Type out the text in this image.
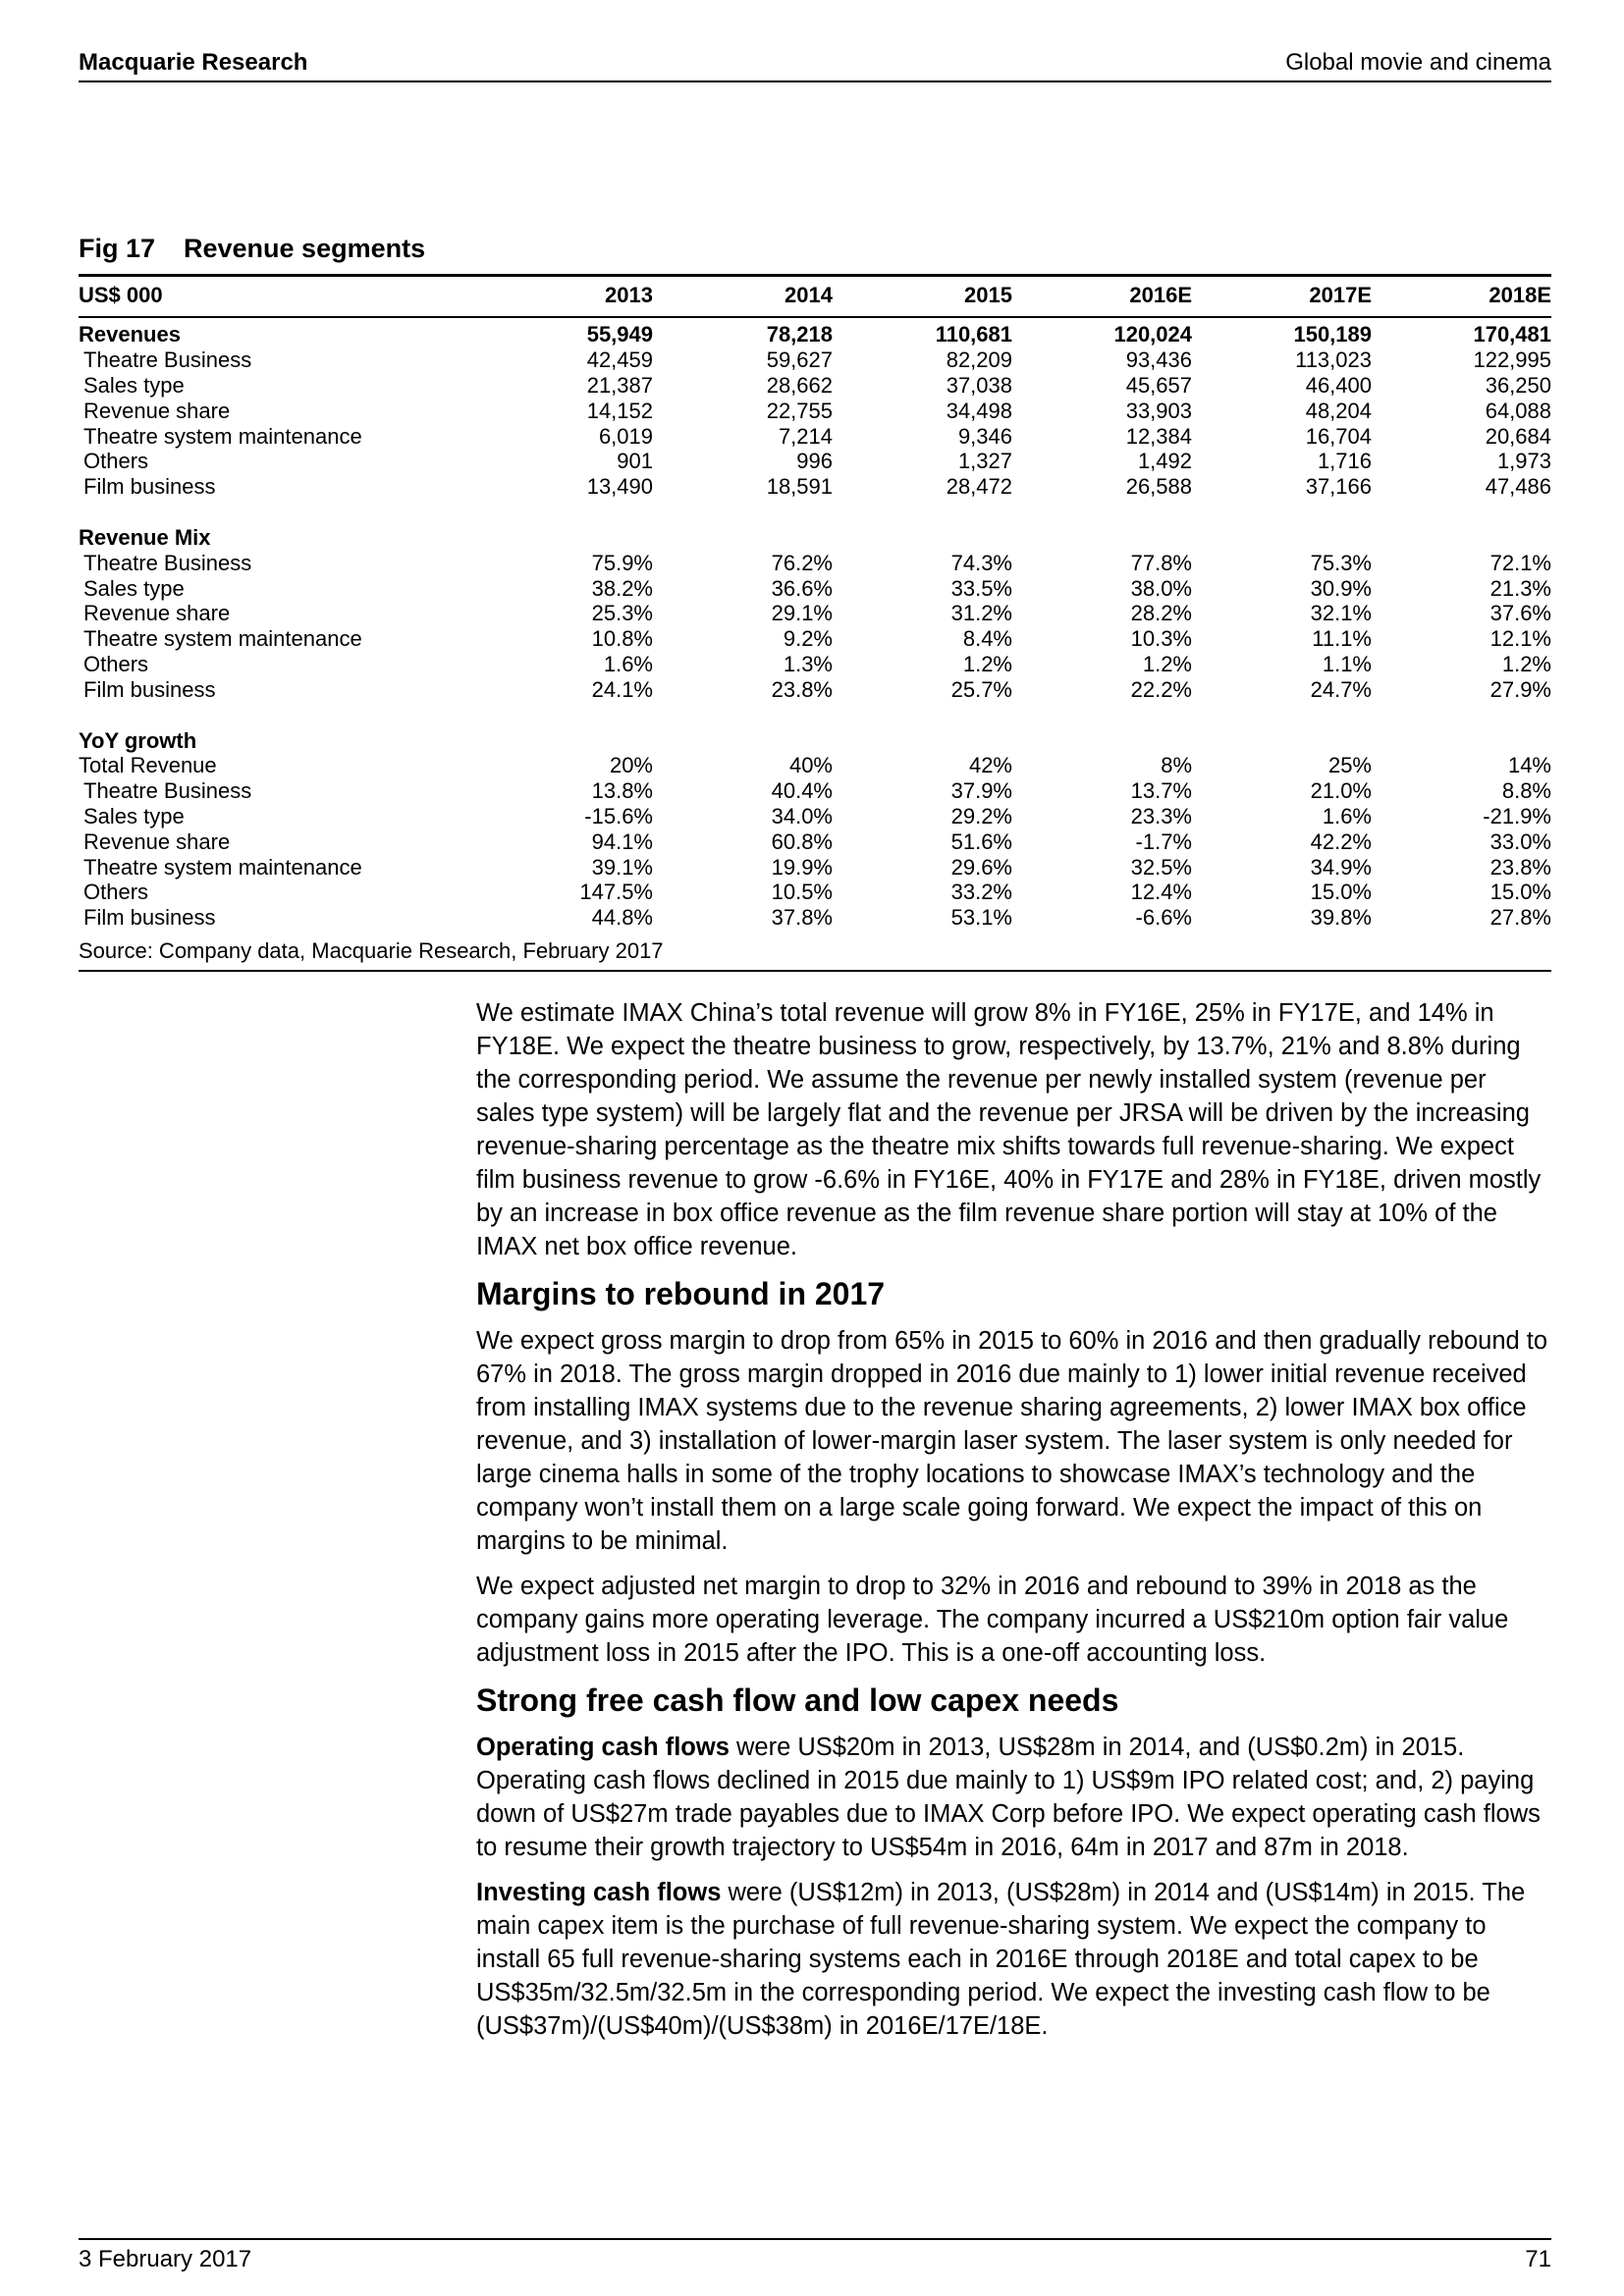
Macquarie Research	Global movie and cinema
Fig 17 Revenue segments
US$ 000	2013	2014	2015	2016E	2017E	2018E
Revenues	55,949	78,218	110,681	120,024	150,189	170,481
Theatre Business	42,459	59,627	82,209	93,436	113,023	122,995
Sales type	21,387	28,662	37,038	45,657	46,400	36,250
Revenue share	14,152	22,755	34,498	33,903	48,204	64,088
Theatre system maintenance	6,019	7,214	9,346	12,384	16,704	20,684
Others	901	996	1,327	1,492	1,716	1,973
Film business	13,490	18,591	28,472	26,588	37,166	47,486

Revenue Mix						
Theatre Business	75.9%	76.2%	74.3%	77.8%	75.3%	72.1%
Sales type	38.2%	36.6%	33.5%	38.0%	30.9%	21.3%
Revenue share	25.3%	29.1%	31.2%	28.2%	32.1%	37.6%
Theatre system maintenance	10.8%	9.2%	8.4%	10.3%	11.1%	12.1%
Others	1.6%	1.3%	1.2%	1.2%	1.1%	1.2%
Film business	24.1%	23.8%	25.7%	22.2%	24.7%	27.9%

YoY growth						
Total Revenue	20%	40%	42%	8%	25%	14%
Theatre Business	13.8%	40.4%	37.9%	13.7%	21.0%	8.8%
Sales type	-15.6%	34.0%	29.2%	23.3%	1.6%	-21.9%
Revenue share	94.1%	60.8%	51.6%	-1.7%	42.2%	33.0%
Theatre system maintenance	39.1%	19.9%	29.6%	32.5%	34.9%	23.8%
Others	147.5%	10.5%	33.2%	12.4%	15.0%	15.0%
Film business	44.8%	37.8%	53.1%	-6.6%	39.8%	27.8%
Source: Company data, Macquarie Research, February 2017

We estimate IMAX China’s total revenue will grow 8% in FY16E, 25% in FY17E, and 14% in FY18E. We expect the theatre business to grow, respectively, by 13.7%, 21% and 8.8% during the corresponding period. We assume the revenue per newly installed system (revenue per sales type system) will be largely flat and the revenue per JRSA will be driven by the increasing revenue-sharing percentage as the theatre mix shifts towards full revenue-sharing. We expect film business revenue to grow -6.6% in FY16E, 40% in FY17E and 28% in FY18E, driven mostly by an increase in box office revenue as the film revenue share portion will stay at 10% of the IMAX net box office revenue.

Margins to rebound in 2017

We expect gross margin to drop from 65% in 2015 to 60% in 2016 and then gradually rebound to 67% in 2018. The gross margin dropped in 2016 due mainly to 1) lower initial revenue received from installing IMAX systems due to the revenue sharing agreements, 2) lower IMAX box office revenue, and 3) installation of lower-margin laser system. The laser system is only needed for large cinema halls in some of the trophy locations to showcase IMAX’s technology and the company won’t install them on a large scale going forward. We expect the impact of this on margins to be minimal.

We expect adjusted net margin to drop to 32% in 2016 and rebound to 39% in 2018 as the company gains more operating leverage. The company incurred a US$210m option fair value adjustment loss in 2015 after the IPO. This is a one-off accounting loss.

Strong free cash flow and low capex needs

Operating cash flows were US$20m in 2013, US$28m in 2014, and (US$0.2m) in 2015. Operating cash flows declined in 2015 due mainly to 1) US$9m IPO related cost; and, 2) paying down of US$27m trade payables due to IMAX Corp before IPO. We expect operating cash flows to resume their growth trajectory to US$54m in 2016, 64m in 2017 and 87m in 2018.

Investing cash flows were (US$12m) in 2013, (US$28m) in 2014 and (US$14m) in 2015. The main capex item is the purchase of full revenue-sharing system. We expect the company to install 65 full revenue-sharing systems each in 2016E through 2018E and total capex to be US$35m/32.5m/32.5m in the corresponding period. We expect the investing cash flow to be (US$37m)/(US$40m)/(US$38m) in 2016E/17E/18E.

3 February 2017	71
